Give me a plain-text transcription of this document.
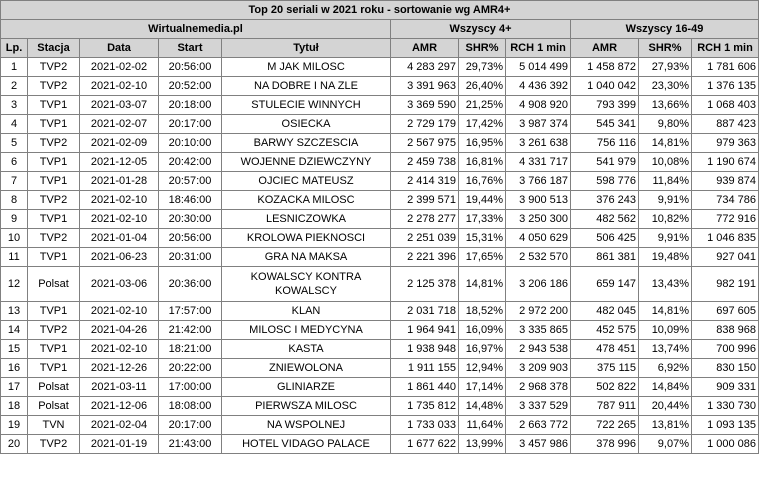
Top 20 seriali w 2021 roku - sortowanie wg AMR4+										
Wirtualnemedia.pl					Wszyscy 4+			Wszyscy 16-49		
Lp.	Stacja	Data	Start	Tytuł	AMR	SHR%	RCH 1 min	AMR	SHR%	RCH 1 min
1	TVP2	2021-02-02	20:56:00	M JAK MILOSC	4 283 297	29,73%	5 014 499	1 458 872	27,93%	1 781 606
2	TVP2	2021-02-10	20:52:00	NA DOBRE I NA ZLE	3 391 963	26,40%	4 436 392	1 040 042	23,30%	1 376 135
3	TVP1	2021-03-07	20:18:00	STULECIE WINNYCH	3 369 590	21,25%	4 908 920	793 399	13,66%	1 068 403
4	TVP1	2021-02-07	20:17:00	OSIECKA	2 729 179	17,42%	3 987 374	545 341	9,80%	887 423
5	TVP2	2021-02-09	20:10:00	BARWY SZCZESCIA	2 567 975	16,95%	3 261 638	756 116	14,81%	979 363
6	TVP1	2021-12-05	20:42:00	WOJENNE DZIEWCZYNY	2 459 738	16,81%	4 331 717	541 979	10,08%	1 190 674
7	TVP1	2021-01-28	20:57:00	OJCIEC MATEUSZ	2 414 319	16,76%	3 766 187	598 776	11,84%	939 874
8	TVP2	2021-02-10	18:46:00	KOZACKA MILOSC	2 399 571	19,44%	3 900 513	376 243	9,91%	734 786
9	TVP1	2021-02-10	20:30:00	LESNICZOWKA	2 278 277	17,33%	3 250 300	482 562	10,82%	772 916
10	TVP2	2021-01-04	20:56:00	KROLOWA PIEKNOSCI	2 251 039	15,31%	4 050 629	506 425	9,91%	1 046 835
11	TVP1	2021-06-23	20:31:00	GRA NA MAKSA	2 221 396	17,65%	2 532 570	861 381	19,48%	927 041
12	Polsat	2021-03-06	20:36:00	KOWALSCY KONTRA KOWALSCY	2 125 378	14,81%	3 206 186	659 147	13,43%	982 191
13	TVP1	2021-02-10	17:57:00	KLAN	2 031 718	18,52%	2 972 200	482 045	14,81%	697 605
14	TVP2	2021-04-26	21:42:00	MILOSC I MEDYCYNA	1 964 941	16,09%	3 335 865	452 575	10,09%	838 968
15	TVP1	2021-02-10	18:21:00	KASTA	1 938 948	16,97%	2 943 538	478 451	13,74%	700 996
16	TVP1	2021-12-26	20:22:00	ZNIEWOLONA	1 911 155	12,94%	3 209 903	375 115	6,92%	830 150
17	Polsat	2021-03-11	17:00:00	GLINIARZE	1 861 440	17,14%	2 968 378	502 822	14,84%	909 331
18	Polsat	2021-12-06	18:08:00	PIERWSZA MILOSC	1 735 812	14,48%	3 337 529	787 911	20,44%	1 330 730
19	TVN	2021-02-04	20:17:00	NA WSPOLNEJ	1 733 033	11,64%	2 663 772	722 265	13,81%	1 093 135
20	TVP2	2021-01-19	21:43:00	HOTEL VIDAGO PALACE	1 677 622	13,99%	3 457 986	378 996	9,07%	1 000 086
